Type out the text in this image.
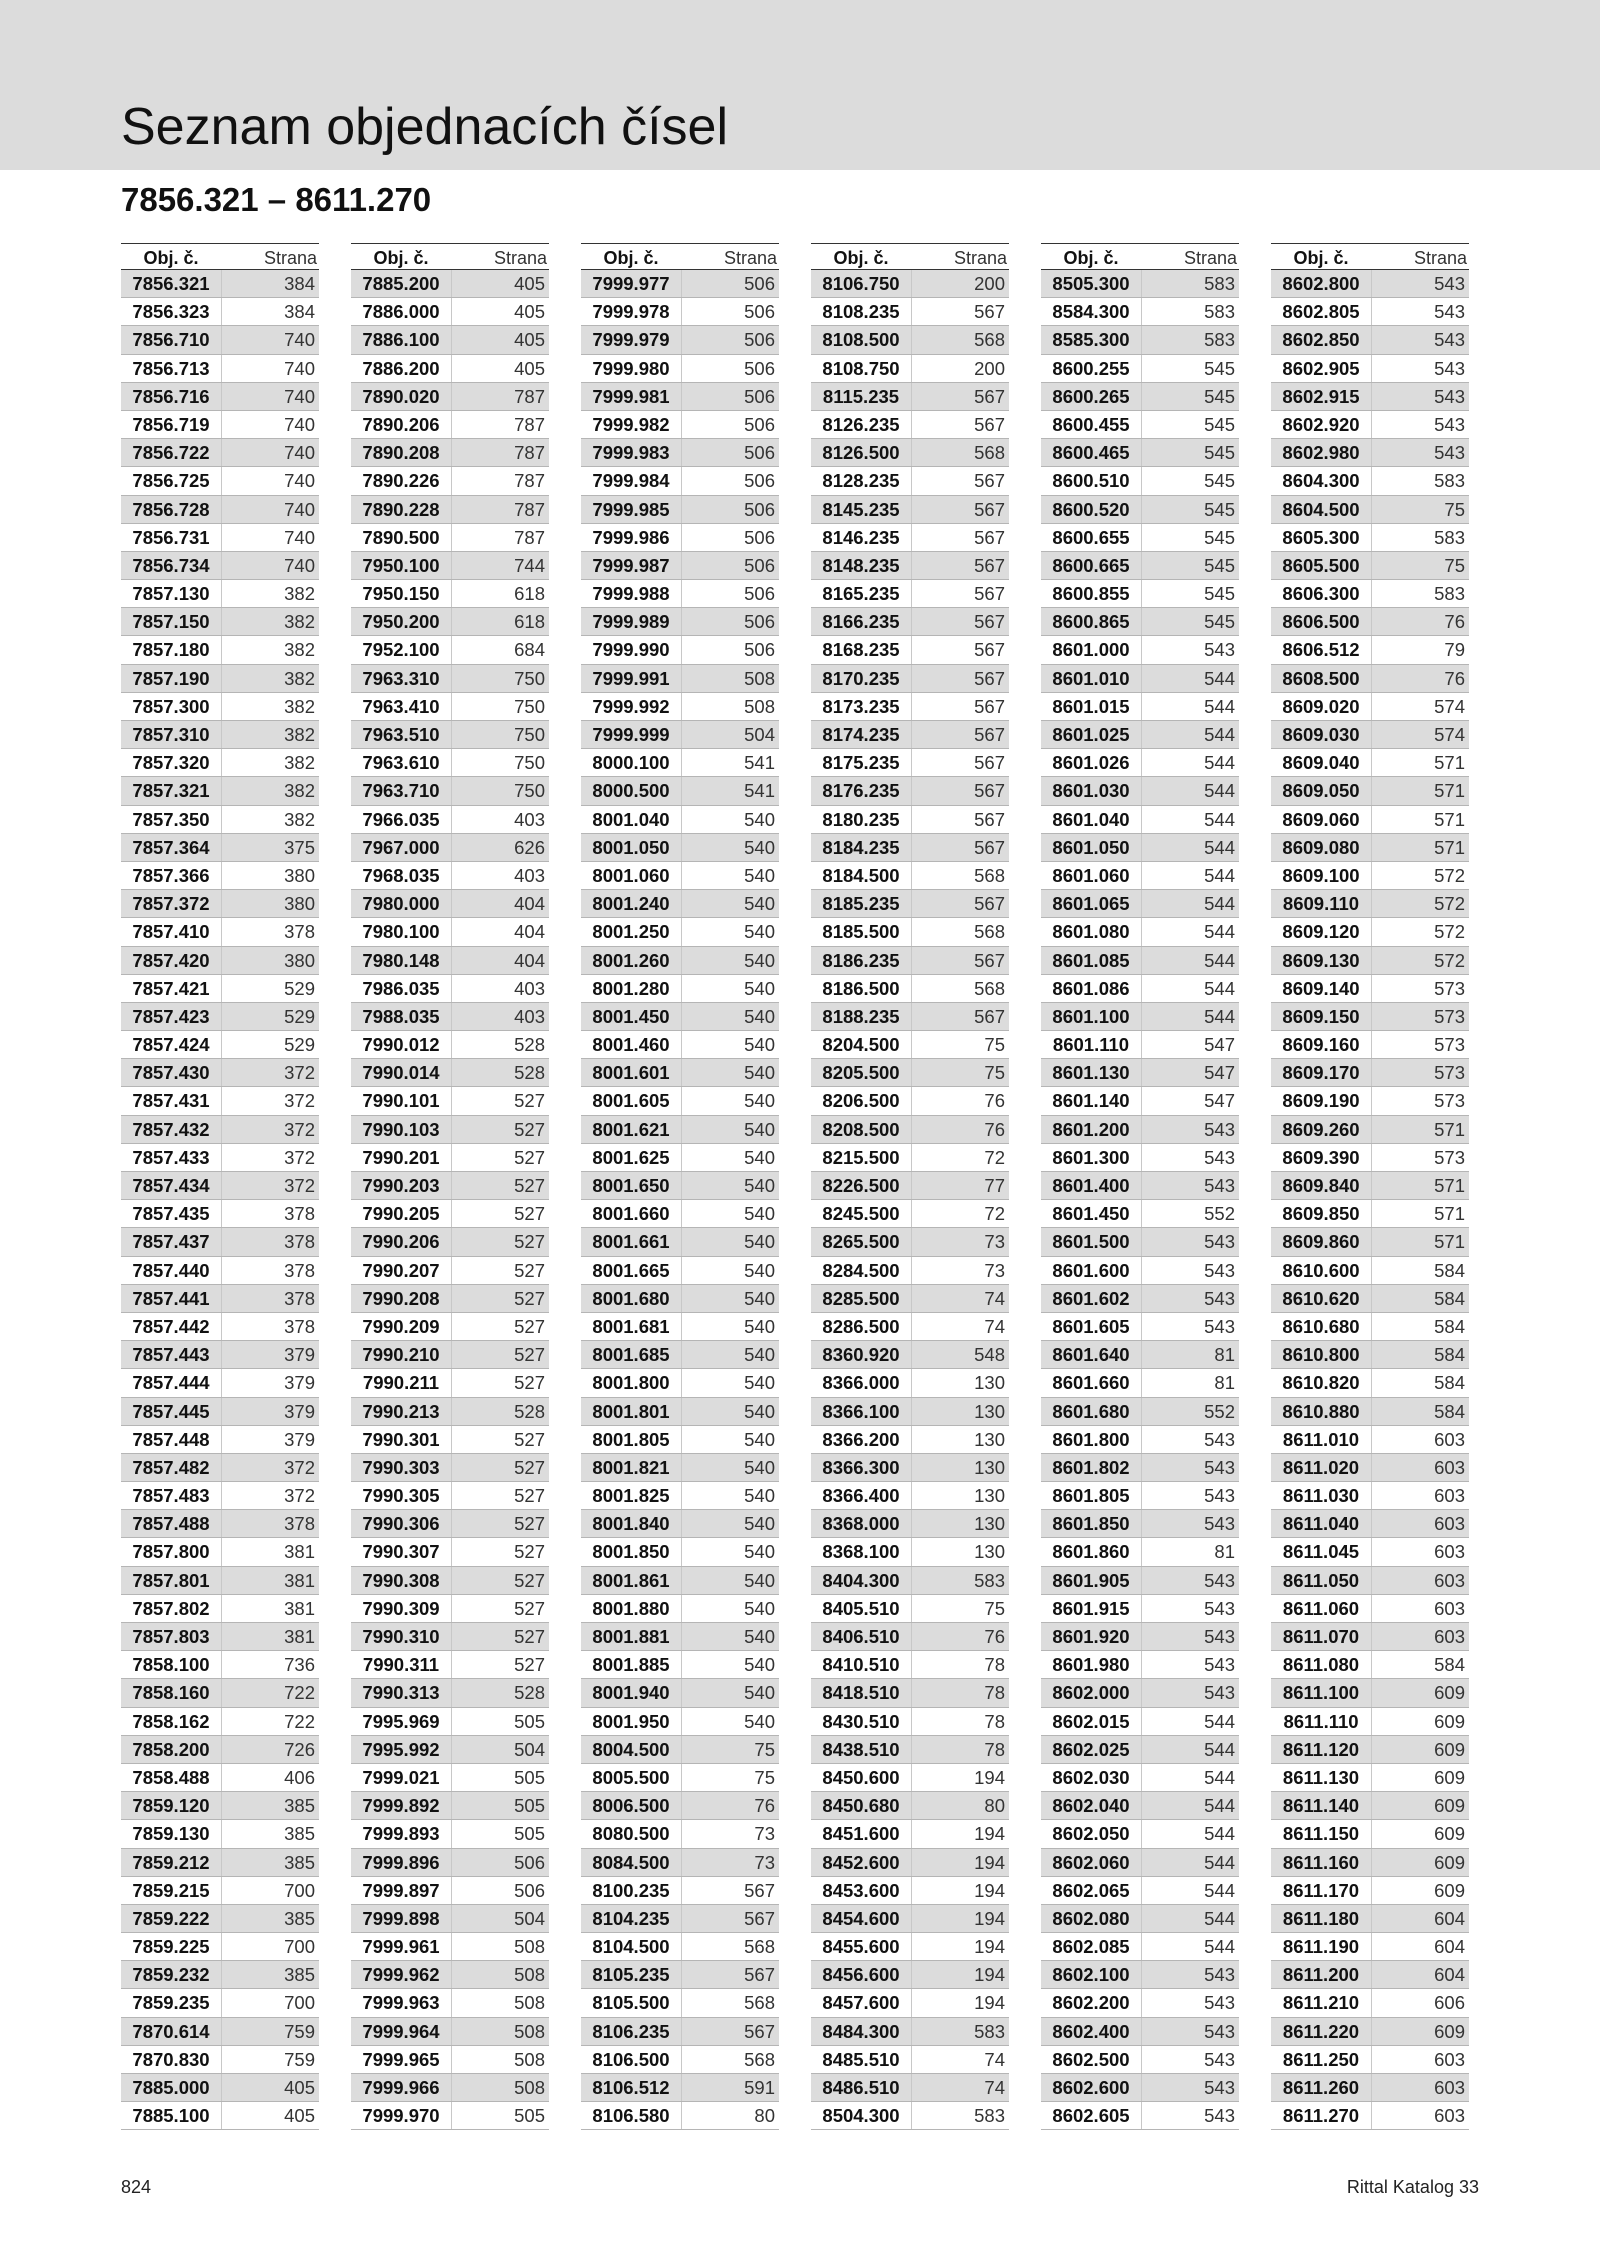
Seznam objednacích čísel
7856.321 – 8611.270
Obj. č.	Strana
7856.321	384
7856.323	384
7856.710	740
7856.713	740
7856.716	740
7856.719	740
7856.722	740
7856.725	740
7856.728	740
7856.731	740
7856.734	740
7857.130	382
7857.150	382
7857.180	382
7857.190	382
7857.300	382
7857.310	382
7857.320	382
7857.321	382
7857.350	382
7857.364	375
7857.366	380
7857.372	380
7857.410	378
7857.420	380
7857.421	529
7857.423	529
7857.424	529
7857.430	372
7857.431	372
7857.432	372
7857.433	372
7857.434	372
7857.435	378
7857.437	378
7857.440	378
7857.441	378
7857.442	378
7857.443	379
7857.444	379
7857.445	379
7857.448	379
7857.482	372
7857.483	372
7857.488	378
7857.800	381
7857.801	381
7857.802	381
7857.803	381
7858.100	736
7858.160	722
7858.162	722
7858.200	726
7858.488	406
7859.120	385
7859.130	385
7859.212	385
7859.215	700
7859.222	385
7859.225	700
7859.232	385
7859.235	700
7870.614	759
7870.830	759
7885.000	405
7885.100	405
Obj. č.	Strana
7885.200	405
7886.000	405
7886.100	405
7886.200	405
7890.020	787
7890.206	787
7890.208	787
7890.226	787
7890.228	787
7890.500	787
7950.100	744
7950.150	618
7950.200	618
7952.100	684
7963.310	750
7963.410	750
7963.510	750
7963.610	750
7963.710	750
7966.035	403
7967.000	626
7968.035	403
7980.000	404
7980.100	404
7980.148	404
7986.035	403
7988.035	403
7990.012	528
7990.014	528
7990.101	527
7990.103	527
7990.201	527
7990.203	527
7990.205	527
7990.206	527
7990.207	527
7990.208	527
7990.209	527
7990.210	527
7990.211	527
7990.213	528
7990.301	527
7990.303	527
7990.305	527
7990.306	527
7990.307	527
7990.308	527
7990.309	527
7990.310	527
7990.311	527
7990.313	528
7995.969	505
7995.992	504
7999.021	505
7999.892	505
7999.893	505
7999.896	506
7999.897	506
7999.898	504
7999.961	508
7999.962	508
7999.963	508
7999.964	508
7999.965	508
7999.966	508
7999.970	505
Obj. č.	Strana
7999.977	506
7999.978	506
7999.979	506
7999.980	506
7999.981	506
7999.982	506
7999.983	506
7999.984	506
7999.985	506
7999.986	506
7999.987	506
7999.988	506
7999.989	506
7999.990	506
7999.991	508
7999.992	508
7999.999	504
8000.100	541
8000.500	541
8001.040	540
8001.050	540
8001.060	540
8001.240	540
8001.250	540
8001.260	540
8001.280	540
8001.450	540
8001.460	540
8001.601	540
8001.605	540
8001.621	540
8001.625	540
8001.650	540
8001.660	540
8001.661	540
8001.665	540
8001.680	540
8001.681	540
8001.685	540
8001.800	540
8001.801	540
8001.805	540
8001.821	540
8001.825	540
8001.840	540
8001.850	540
8001.861	540
8001.880	540
8001.881	540
8001.885	540
8001.940	540
8001.950	540
8004.500	75
8005.500	75
8006.500	76
8080.500	73
8084.500	73
8100.235	567
8104.235	567
8104.500	568
8105.235	567
8105.500	568
8106.235	567
8106.500	568
8106.512	591
8106.580	80
Obj. č.	Strana
8106.750	200
8108.235	567
8108.500	568
8108.750	200
8115.235	567
8126.235	567
8126.500	568
8128.235	567
8145.235	567
8146.235	567
8148.235	567
8165.235	567
8166.235	567
8168.235	567
8170.235	567
8173.235	567
8174.235	567
8175.235	567
8176.235	567
8180.235	567
8184.235	567
8184.500	568
8185.235	567
8185.500	568
8186.235	567
8186.500	568
8188.235	567
8204.500	75
8205.500	75
8206.500	76
8208.500	76
8215.500	72
8226.500	77
8245.500	72
8265.500	73
8284.500	73
8285.500	74
8286.500	74
8360.920	548
8366.000	130
8366.100	130
8366.200	130
8366.300	130
8366.400	130
8368.000	130
8368.100	130
8404.300	583
8405.510	75
8406.510	76
8410.510	78
8418.510	78
8430.510	78
8438.510	78
8450.600	194
8450.680	80
8451.600	194
8452.600	194
8453.600	194
8454.600	194
8455.600	194
8456.600	194
8457.600	194
8484.300	583
8485.510	74
8486.510	74
8504.300	583
Obj. č.	Strana
8505.300	583
8584.300	583
8585.300	583
8600.255	545
8600.265	545
8600.455	545
8600.465	545
8600.510	545
8600.520	545
8600.655	545
8600.665	545
8600.855	545
8600.865	545
8601.000	543
8601.010	544
8601.015	544
8601.025	544
8601.026	544
8601.030	544
8601.040	544
8601.050	544
8601.060	544
8601.065	544
8601.080	544
8601.085	544
8601.086	544
8601.100	544
8601.110	547
8601.130	547
8601.140	547
8601.200	543
8601.300	543
8601.400	543
8601.450	552
8601.500	543
8601.600	543
8601.602	543
8601.605	543
8601.640	81
8601.660	81
8601.680	552
8601.800	543
8601.802	543
8601.805	543
8601.850	543
8601.860	81
8601.905	543
8601.915	543
8601.920	543
8601.980	543
8602.000	543
8602.015	544
8602.025	544
8602.030	544
8602.040	544
8602.050	544
8602.060	544
8602.065	544
8602.080	544
8602.085	544
8602.100	543
8602.200	543
8602.400	543
8602.500	543
8602.600	543
8602.605	543
Obj. č.	Strana
8602.800	543
8602.805	543
8602.850	543
8602.905	543
8602.915	543
8602.920	543
8602.980	543
8604.300	583
8604.500	75
8605.300	583
8605.500	75
8606.300	583
8606.500	76
8606.512	79
8608.500	76
8609.020	574
8609.030	574
8609.040	571
8609.050	571
8609.060	571
8609.080	571
8609.100	572
8609.110	572
8609.120	572
8609.130	572
8609.140	573
8609.150	573
8609.160	573
8609.170	573
8609.190	573
8609.260	571
8609.390	573
8609.840	571
8609.850	571
8609.860	571
8610.600	584
8610.620	584
8610.680	584
8610.800	584
8610.820	584
8610.880	584
8611.010	603
8611.020	603
8611.030	603
8611.040	603
8611.045	603
8611.050	603
8611.060	603
8611.070	603
8611.080	584
8611.100	609
8611.110	609
8611.120	609
8611.130	609
8611.140	609
8611.150	609
8611.160	609
8611.170	609
8611.180	604
8611.190	604
8611.200	604
8611.210	606
8611.220	609
8611.250	603
8611.260	603
8611.270	603
824	Rittal Katalog 33
